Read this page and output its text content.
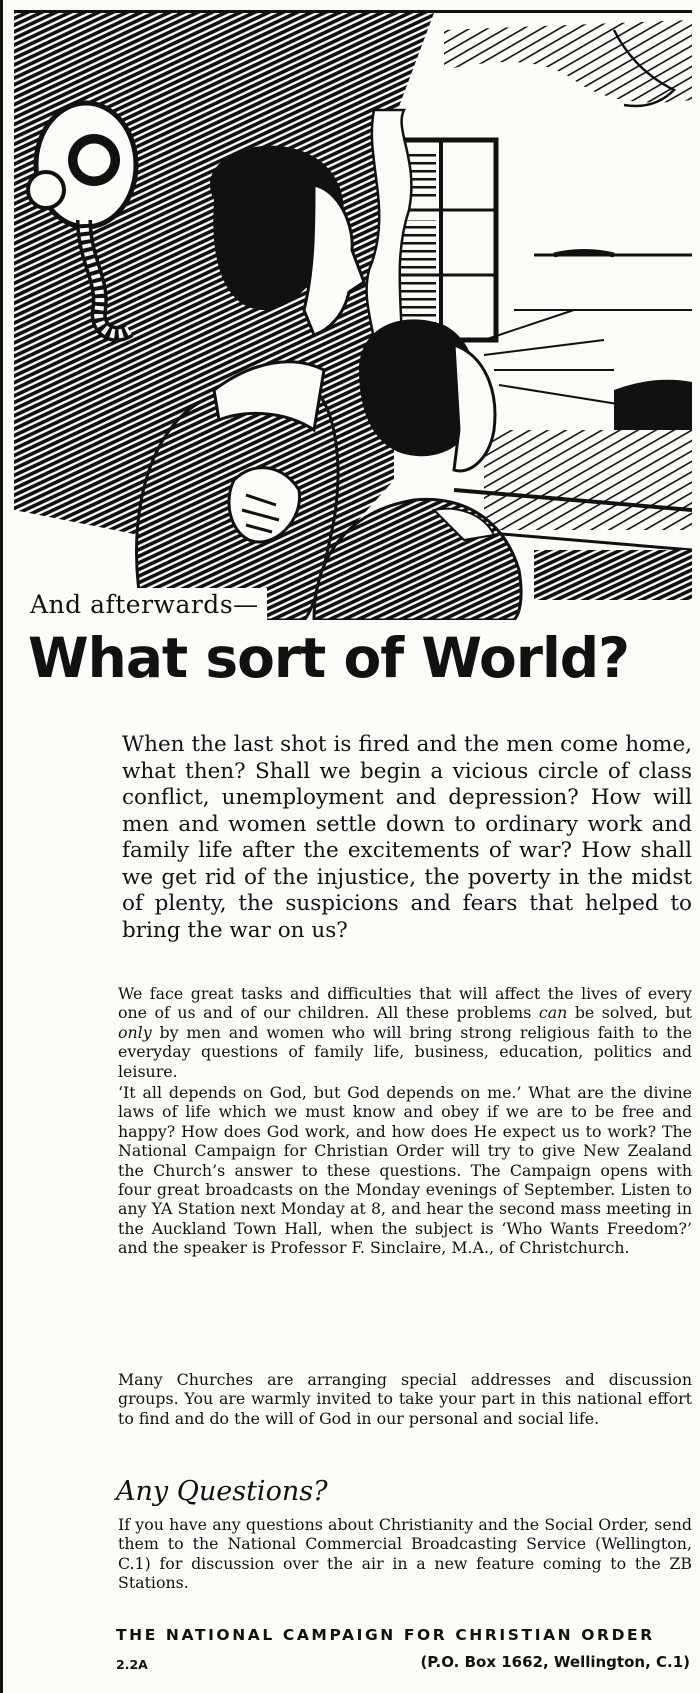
And afterwards—
What sort of World?
When the last shot is fired and the men come home, what then? Shall we begin a vicious circle of class conflict, unemployment and depression? How will men and women settle down to ordinary work and family life after the excitements of war? How shall we get rid of the injustice, the poverty in the midst of plenty, the suspicions and fears that helped to bring the war on us?
We face great tasks and difficulties that will affect the lives of every one of us and of our children. All these problems can be solved, but only by men and women who will bring strong religious faith to the everyday questions of family life, business, education, politics and leisure.
‘It all depends on God, but God depends on me.’ What are the divine laws of life which we must know and obey if we are to be free and happy? How does God work, and how does He expect us to work? The National Campaign for Christian Order will try to give New Zealand the Church’s answer to these questions. The Campaign opens with four great broadcasts on the Monday evenings of September. Listen to any YA Station next Monday at 8, and hear the second mass meeting in the Auckland Town Hall, when the subject is ‘Who Wants Freedom?’ and the speaker is Professor F. Sinclaire, M.A., of Christchurch.
Many Churches are arranging special addresses and discussion groups. You are warmly invited to take your part in this national effort to find and do the will of God in our personal and social life.
Any Questions?
If you have any questions about Christianity and the Social Order, send them to the National Commercial Broadcasting Service (Wellington, C.1) for discussion over the air in a new feature coming to the ZB Stations.
THE NATIONAL CAMPAIGN FOR CHRISTIAN ORDER
2.2A	(P.O. Box 1662, Wellington, C.1)
